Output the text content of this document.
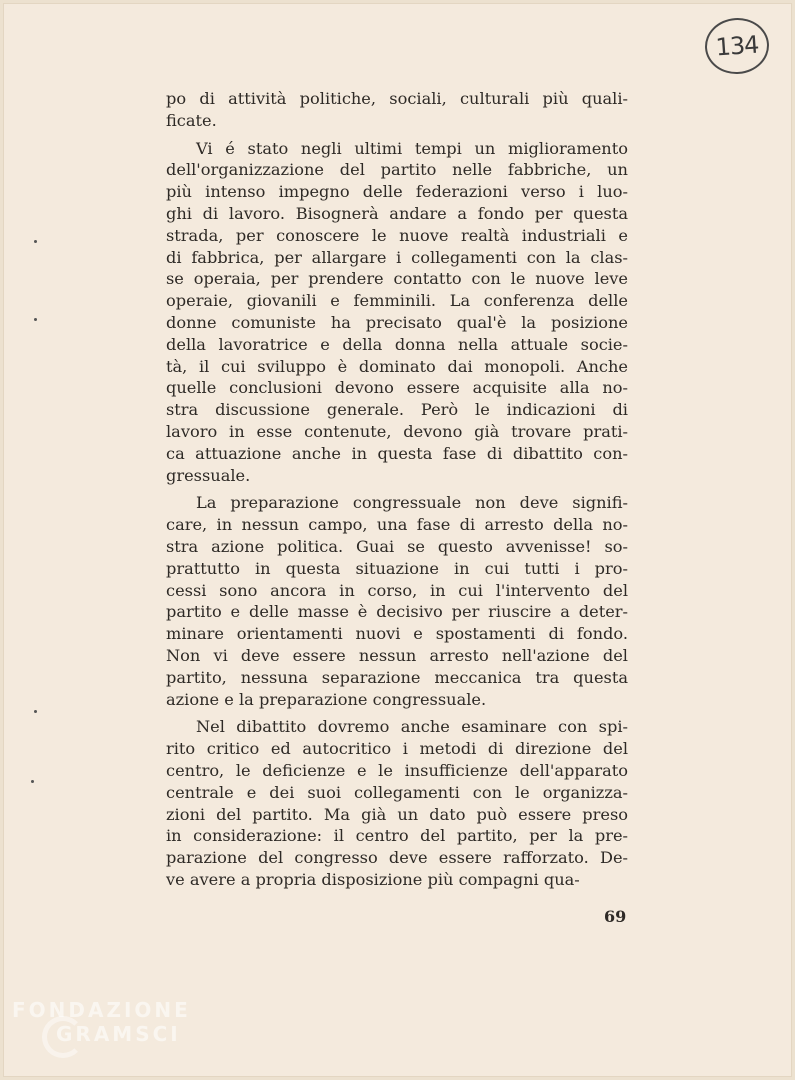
134
po di attività politiche, sociali, culturali più quali-
ficate.
Vi é stato negli ultimi tempi un miglioramento
dell'organizzazione del partito nelle fabbriche, un
più intenso impegno delle federazioni verso i luo-
ghi di lavoro. Bisognerà andare a fondo per questa
strada, per conoscere le nuove realtà industriali e
di fabbrica, per allargare i collegamenti con la clas-
se operaia, per prendere contatto con le nuove leve
operaie, giovanili e femminili. La conferenza delle
donne comuniste ha precisato qual'è la posizione
della lavoratrice e della donna nella attuale socie-
tà, il cui sviluppo è dominato dai monopoli. Anche
quelle conclusioni devono essere acquisite alla no-
stra discussione generale. Però le indicazioni di
lavoro in esse contenute, devono già trovare prati-
ca attuazione anche in questa fase di dibattito con-
gressuale.
La preparazione congressuale non deve signifi-
care, in nessun campo, una fase di arresto della no-
stra azione politica. Guai se questo avvenisse! so-
prattutto in questa situazione in cui tutti i pro-
cessi sono ancora in corso, in cui l'intervento del
partito e delle masse è decisivo per riuscire a deter-
minare orientamenti nuovi e spostamenti di fondo.
Non vi deve essere nessun arresto nell'azione del
partito, nessuna separazione meccanica tra questa
azione e la preparazione congressuale.
Nel dibattito dovremo anche esaminare con spi-
rito critico ed autocritico i metodi di direzione del
centro, le deficienze e le insufficienze dell'apparato
centrale e dei suoi collegamenti con le organizza-
zioni del partito. Ma già un dato può essere preso
in considerazione: il centro del partito, per la pre-
parazione del congresso deve essere rafforzato. De-
ve avere a propria disposizione più compagni qua-
69
FONDAZIONE
GRAMSCI
